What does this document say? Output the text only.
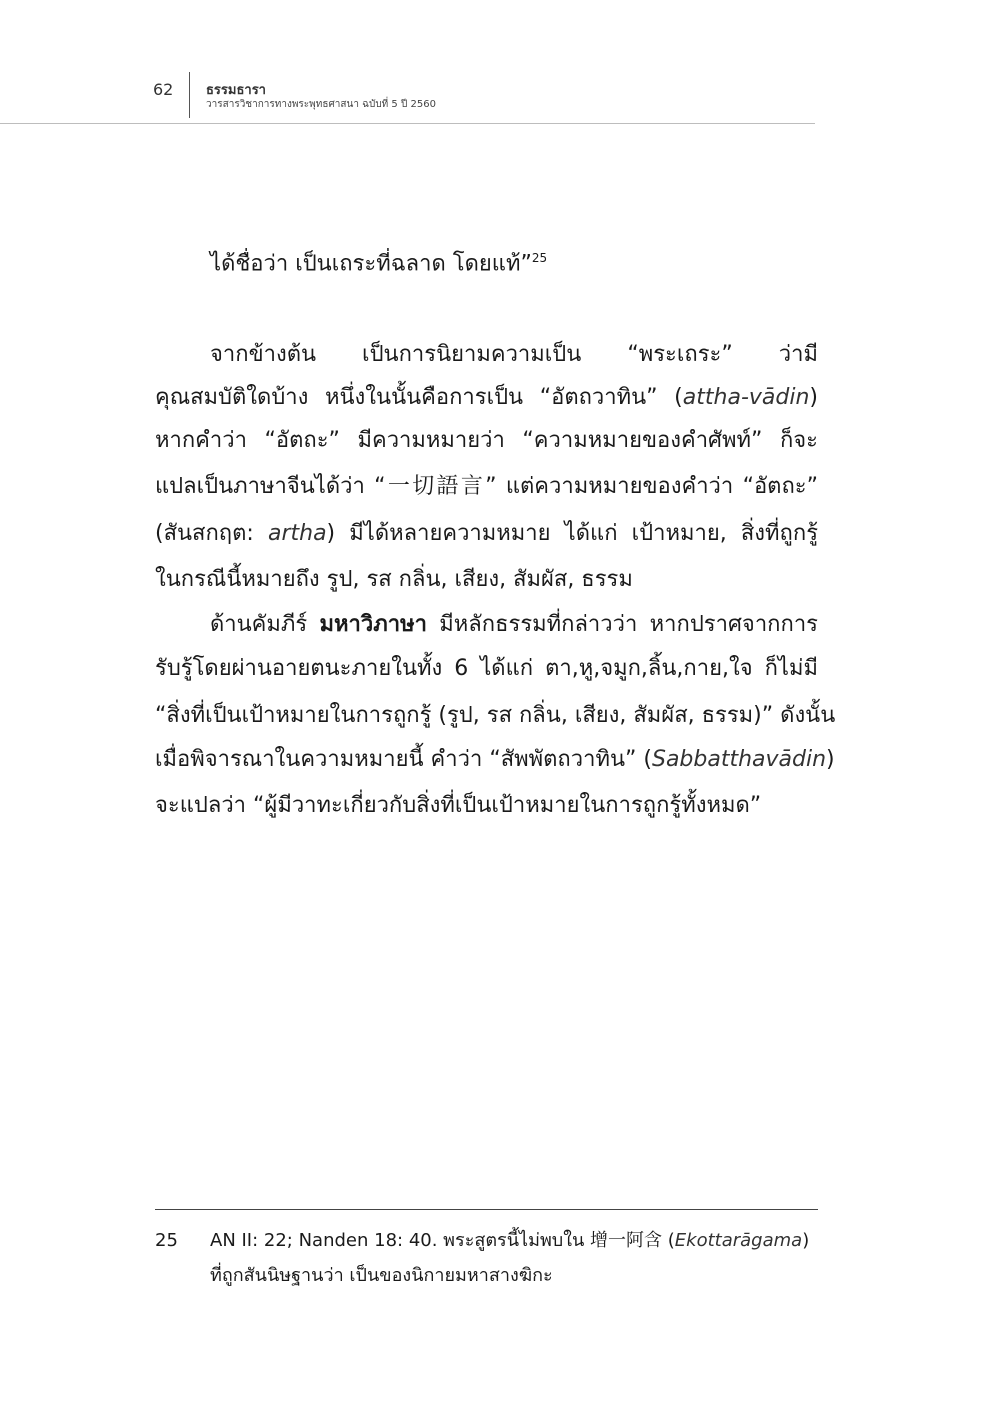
62	ธรรมธารา
วารสารวิชาการทางพระพุทธศาสนา ฉบับที่ 5 ปี 2560
ได้ชื่อว่า เป็นเถระที่ฉลาด โดยแท้”$^{25}$
จากข้างต้น เป็นการนิยามความเป็น “พระเถระ” ว่ามี
คุณสมบัติใดบ้าง หนึ่งในนั้นคือการเป็น “อัตถวาทิน” (attha-vādin)
หากคำว่า “อัตถะ” มีความหมายว่า “ความหมายของคำศัพท์” ก็จะ
แปลเป็นภาษาจีนได้ว่า “一切語言” แต่ความหมายของคำว่า “อัตถะ”
(สันสกฤต: artha) มีได้หลายความหมาย ได้แก่ เป้าหมาย, สิ่งที่ถูกรู้
ในกรณีนี้หมายถึง รูป, รส กลิ่น, เสียง, สัมผัส, ธรรม
ด้านคัมภีร์ มหาวิภาษา มีหลักธรรมที่กล่าวว่า หากปราศจากการ
รับรู้โดยผ่านอายตนะภายในทั้ง 6 ได้แก่ ตา,หู,จมูก,ลิ้น,กาย,ใจ ก็ไม่มี
“สิ่งที่เป็นเป้าหมายในการถูกรู้ (รูป, รส กลิ่น, เสียง, สัมผัส, ธรรม)” ดังนั้น
เมื่อพิจารณาในความหมายนี้ คำว่า “สัพพัตถวาทิน” (Sabbatthavādin)
จะแปลว่า “ผู้มีวาทะเกี่ยวกับสิ่งที่เป็นเป้าหมายในการถูกรู้ทั้งหมด”
25 AN II: 22; Nanden 18: 40. พระสูตรนี้ไม่พบใน 增一阿含 (Ekottarāgama)
ที่ถูกสันนิษฐานว่า เป็นของนิกายมหาสางฆิกะ
